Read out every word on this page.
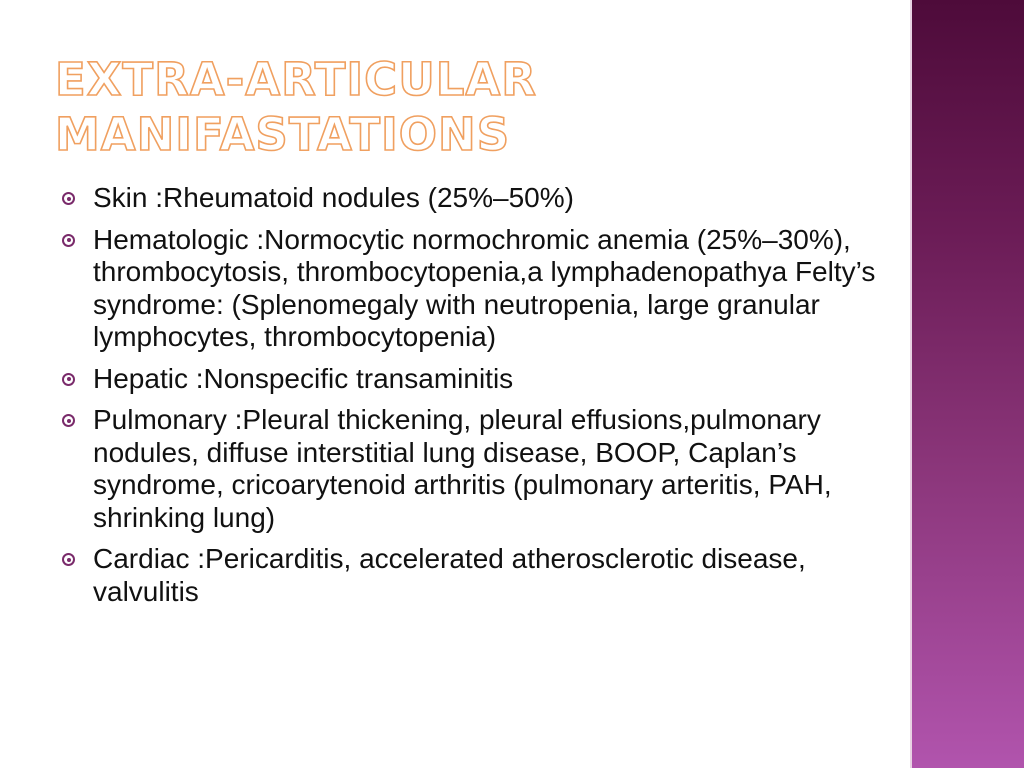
EXTRA-ARTICULAR
MANIFASTATIONS
Skin :Rheumatoid nodules (25%–50%)
Hematologic :Normocytic normochromic anemia (25%–30%), thrombocytosis, thrombocytopenia,a lymphadenopathya Felty’s syndrome: (Splenomegaly with neutropenia, large granular lymphocytes, thrombocytopenia)
Hepatic :Nonspecific transaminitis
Pulmonary :Pleural thickening, pleural effusions,pulmonary nodules, diffuse interstitial lung disease, BOOP, Caplan’s syndrome, cricoarytenoid arthritis (pulmonary arteritis, PAH, shrinking lung)
Cardiac :Pericarditis, accelerated atherosclerotic disease, valvulitis
